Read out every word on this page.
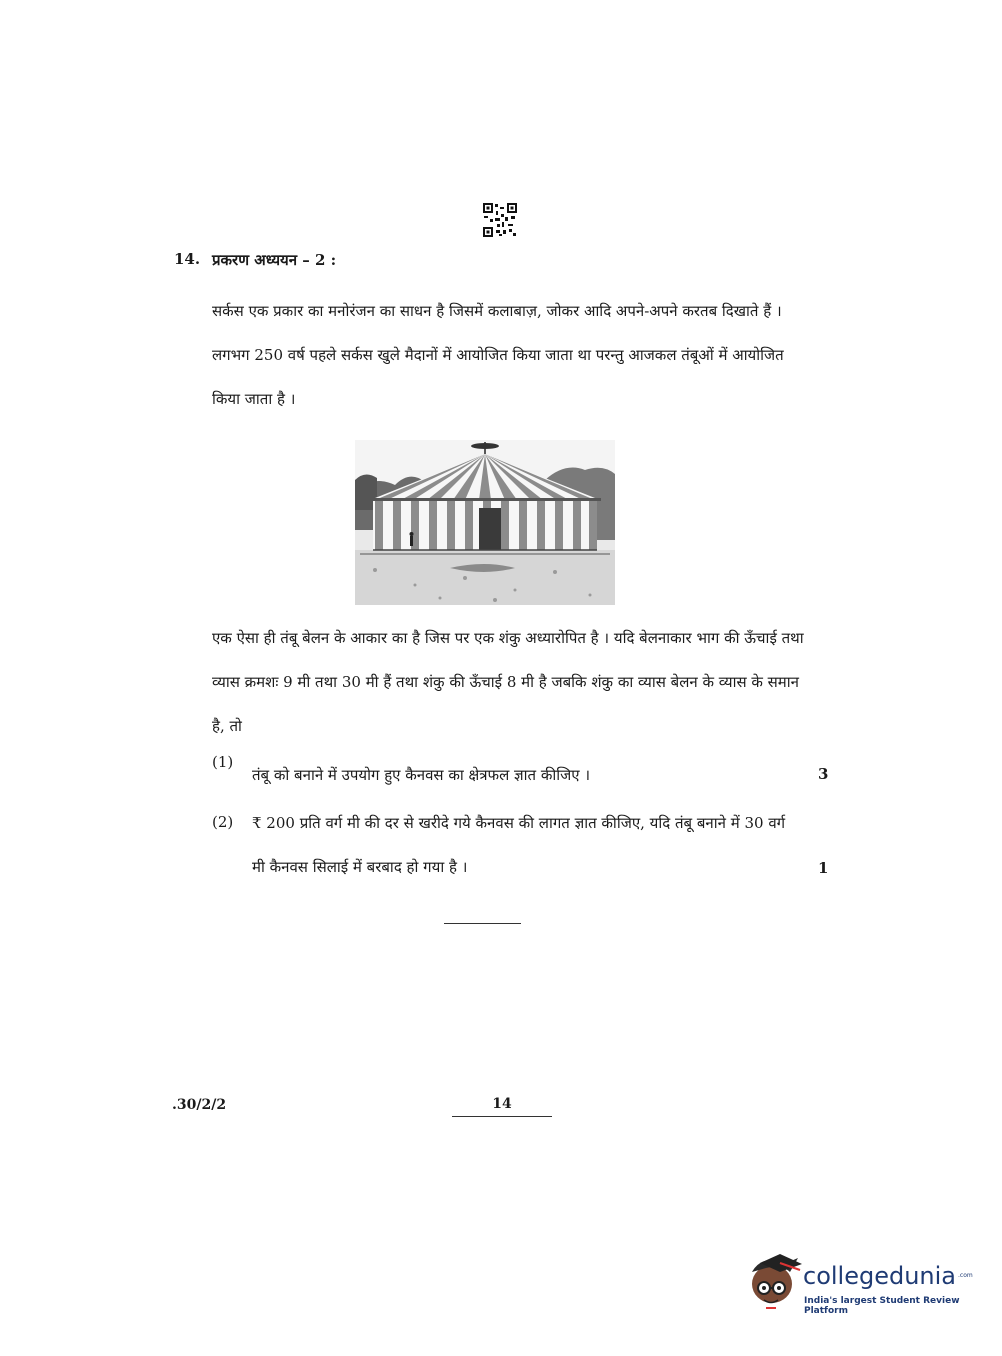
14. प्रकरण अध्ययन – 2 :
सर्कस एक प्रकार का मनोरंजन का साधन है जिसमें कलाबाज़, जोकर आदि अपने-अपने करतब दिखाते हैं । लगभग 250 वर्ष पहले सर्कस खुले मैदानों में आयोजित किया जाता था परन्तु आजकल तंबूओं में आयोजित किया जाता है ।
एक ऐसा ही तंबू बेलन के आकार का है जिस पर एक शंकु अध्यारोपित है । यदि बेलनाकार भाग की ऊँचाई तथा व्यास क्रमशः 9 मी तथा 30 मी हैं तथा शंकु की ऊँचाई 8 मी है जबकि शंकु का व्यास बेलन के व्यास के समान है, तो
(1)
तंबू को बनाने में उपयोग हुए कैनवस का क्षेत्रफल ज्ञात कीजिए ।	3
(2) ₹ 200 प्रति वर्ग मी की दर से खरीदे गये कैनवस की लागत ज्ञात कीजिए, यदि तंबू बनाने में 30 वर्ग मी कैनवस सिलाई में बरबाद हो गया है ।	1
.30/2/2	14
collegedunia .com
India's largest Student Review Platform
